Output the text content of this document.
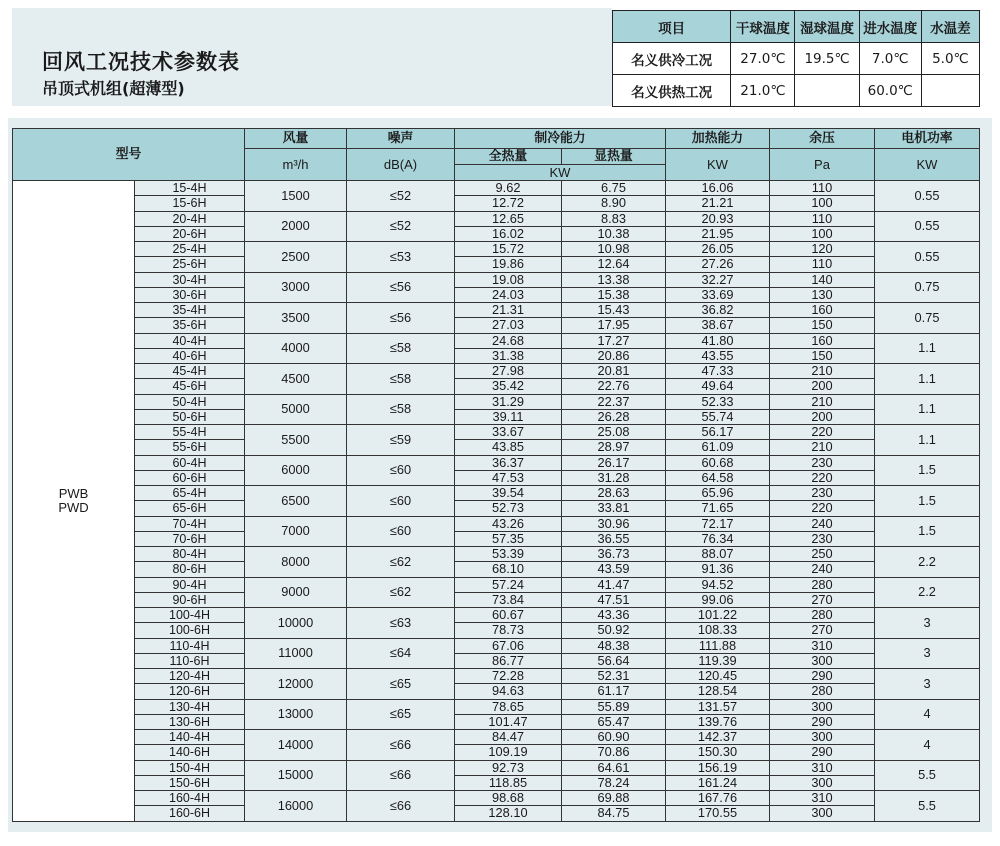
回风工况技术参数表
吊顶式机组(超薄型)
项目	干球温度	湿球温度	进水温度	水温差
名义供冷工况	27.0℃	19.5℃	7.0℃	5.0℃
名义供热工况	21.0℃		60.0℃	
型号		风量	噪声	制冷能力		加热能力	余压	电机功率
		m³/h	dB(A)	全热量	显热量	KW	Pa	KW
				KW				

PWB
PWD	15-4H	1500	≤52	9.62	6.75	16.06	110	0.55
	15-6H			12.72	8.90	21.21	100	
	20-4H	2000	≤52	12.65	8.83	20.93	110	0.55
	20-6H			16.02	10.38	21.95	100	
	25-4H	2500	≤53	15.72	10.98	26.05	120	0.55
	25-6H			19.86	12.64	27.26	110	
	30-4H	3000	≤56	19.08	13.38	32.27	140	0.75
	30-6H			24.03	15.38	33.69	130	
	35-4H	3500	≤56	21.31	15.43	36.82	160	0.75
	35-6H			27.03	17.95	38.67	150	
	40-4H	4000	≤58	24.68	17.27	41.80	160	1.1
	40-6H			31.38	20.86	43.55	150	
	45-4H	4500	≤58	27.98	20.81	47.33	210	1.1
	45-6H			35.42	22.76	49.64	200	
	50-4H	5000	≤58	31.29	22.37	52.33	210	1.1
	50-6H			39.11	26.28	55.74	200	
	55-4H	5500	≤59	33.67	25.08	56.17	220	1.1
	55-6H			43.85	28.97	61.09	210	
	60-4H	6000	≤60	36.37	26.17	60.68	230	1.5
	60-6H			47.53	31.28	64.58	220	
	65-4H	6500	≤60	39.54	28.63	65.96	230	1.5
	65-6H			52.73	33.81	71.65	220	
	70-4H	7000	≤60	43.26	30.96	72.17	240	1.5
	70-6H			57.35	36.55	76.34	230	
	80-4H	8000	≤62	53.39	36.73	88.07	250	2.2
	80-6H			68.10	43.59	91.36	240	
	90-4H	9000	≤62	57.24	41.47	94.52	280	2.2
	90-6H			73.84	47.51	99.06	270	
	100-4H	10000	≤63	60.67	43.36	101.22	280	3
	100-6H			78.73	50.92	108.33	270	
	110-4H	11000	≤64	67.06	48.38	111.88	310	3
	110-6H			86.77	56.64	119.39	300	
	120-4H	12000	≤65	72.28	52.31	120.45	290	3
	120-6H			94.63	61.17	128.54	280	
	130-4H	13000	≤65	78.65	55.89	131.57	300	4
	130-6H			101.47	65.47	139.76	290	
	140-4H	14000	≤66	84.47	60.90	142.37	300	4
	140-6H			109.19	70.86	150.30	290	
	150-4H	15000	≤66	92.73	64.61	156.19	310	5.5
	150-6H			118.85	78.24	161.24	300	
	160-4H	16000	≤66	98.68	69.88	167.76	310	5.5
	160-6H			128.10	84.75	170.55	300	
